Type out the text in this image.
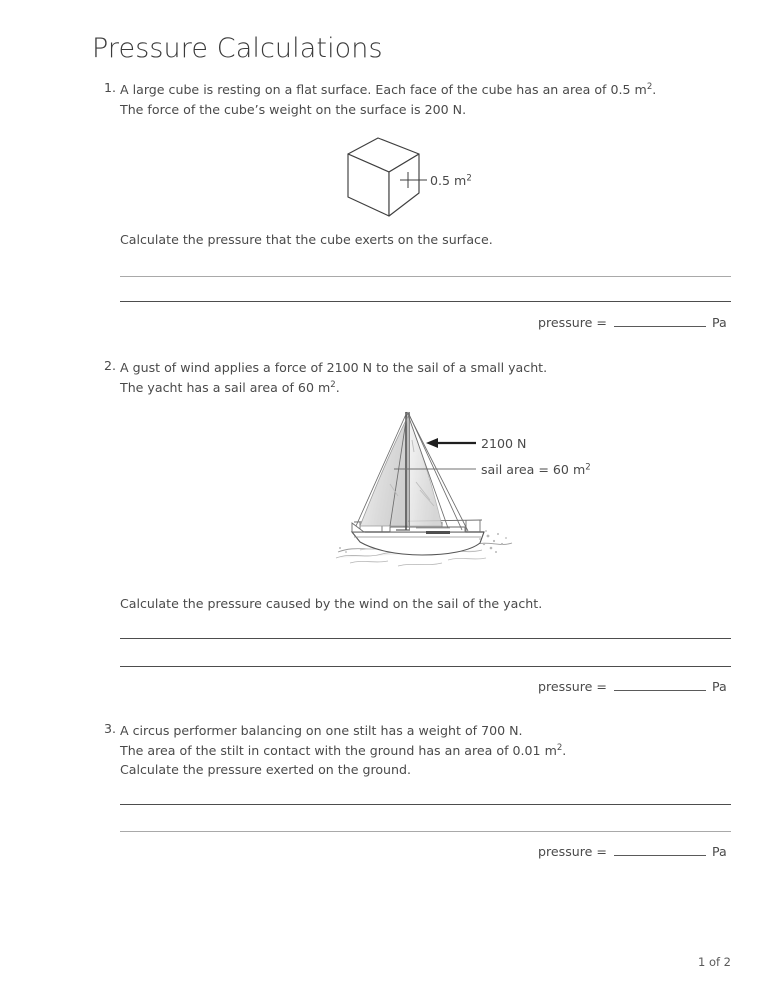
Pressure Calculations
1. A large cube is resting on a flat surface. Each face of the cube has an area of 0.5 $m^2$.
The force of the cube’s weight on the surface is 200 N.
0.5 $m^2$
Calculate the pressure that the cube exerts on the surface.
pressure =	Pa
2. A gust of wind applies a force of 2100 N to the sail of a small yacht.
The yacht has a sail area of 60 $m^2$.
2100 N
sail area = 60 $m^2$
Calculate the pressure caused by the wind on the sail of the yacht.
pressure =	Pa
3. A circus performer balancing on one stilt has a weight of 700 N.
The area of the stilt in contact with the ground has an area of 0.01 $m^2$.
Calculate the pressure exerted on the ground.
pressure =	Pa
1 of 2
